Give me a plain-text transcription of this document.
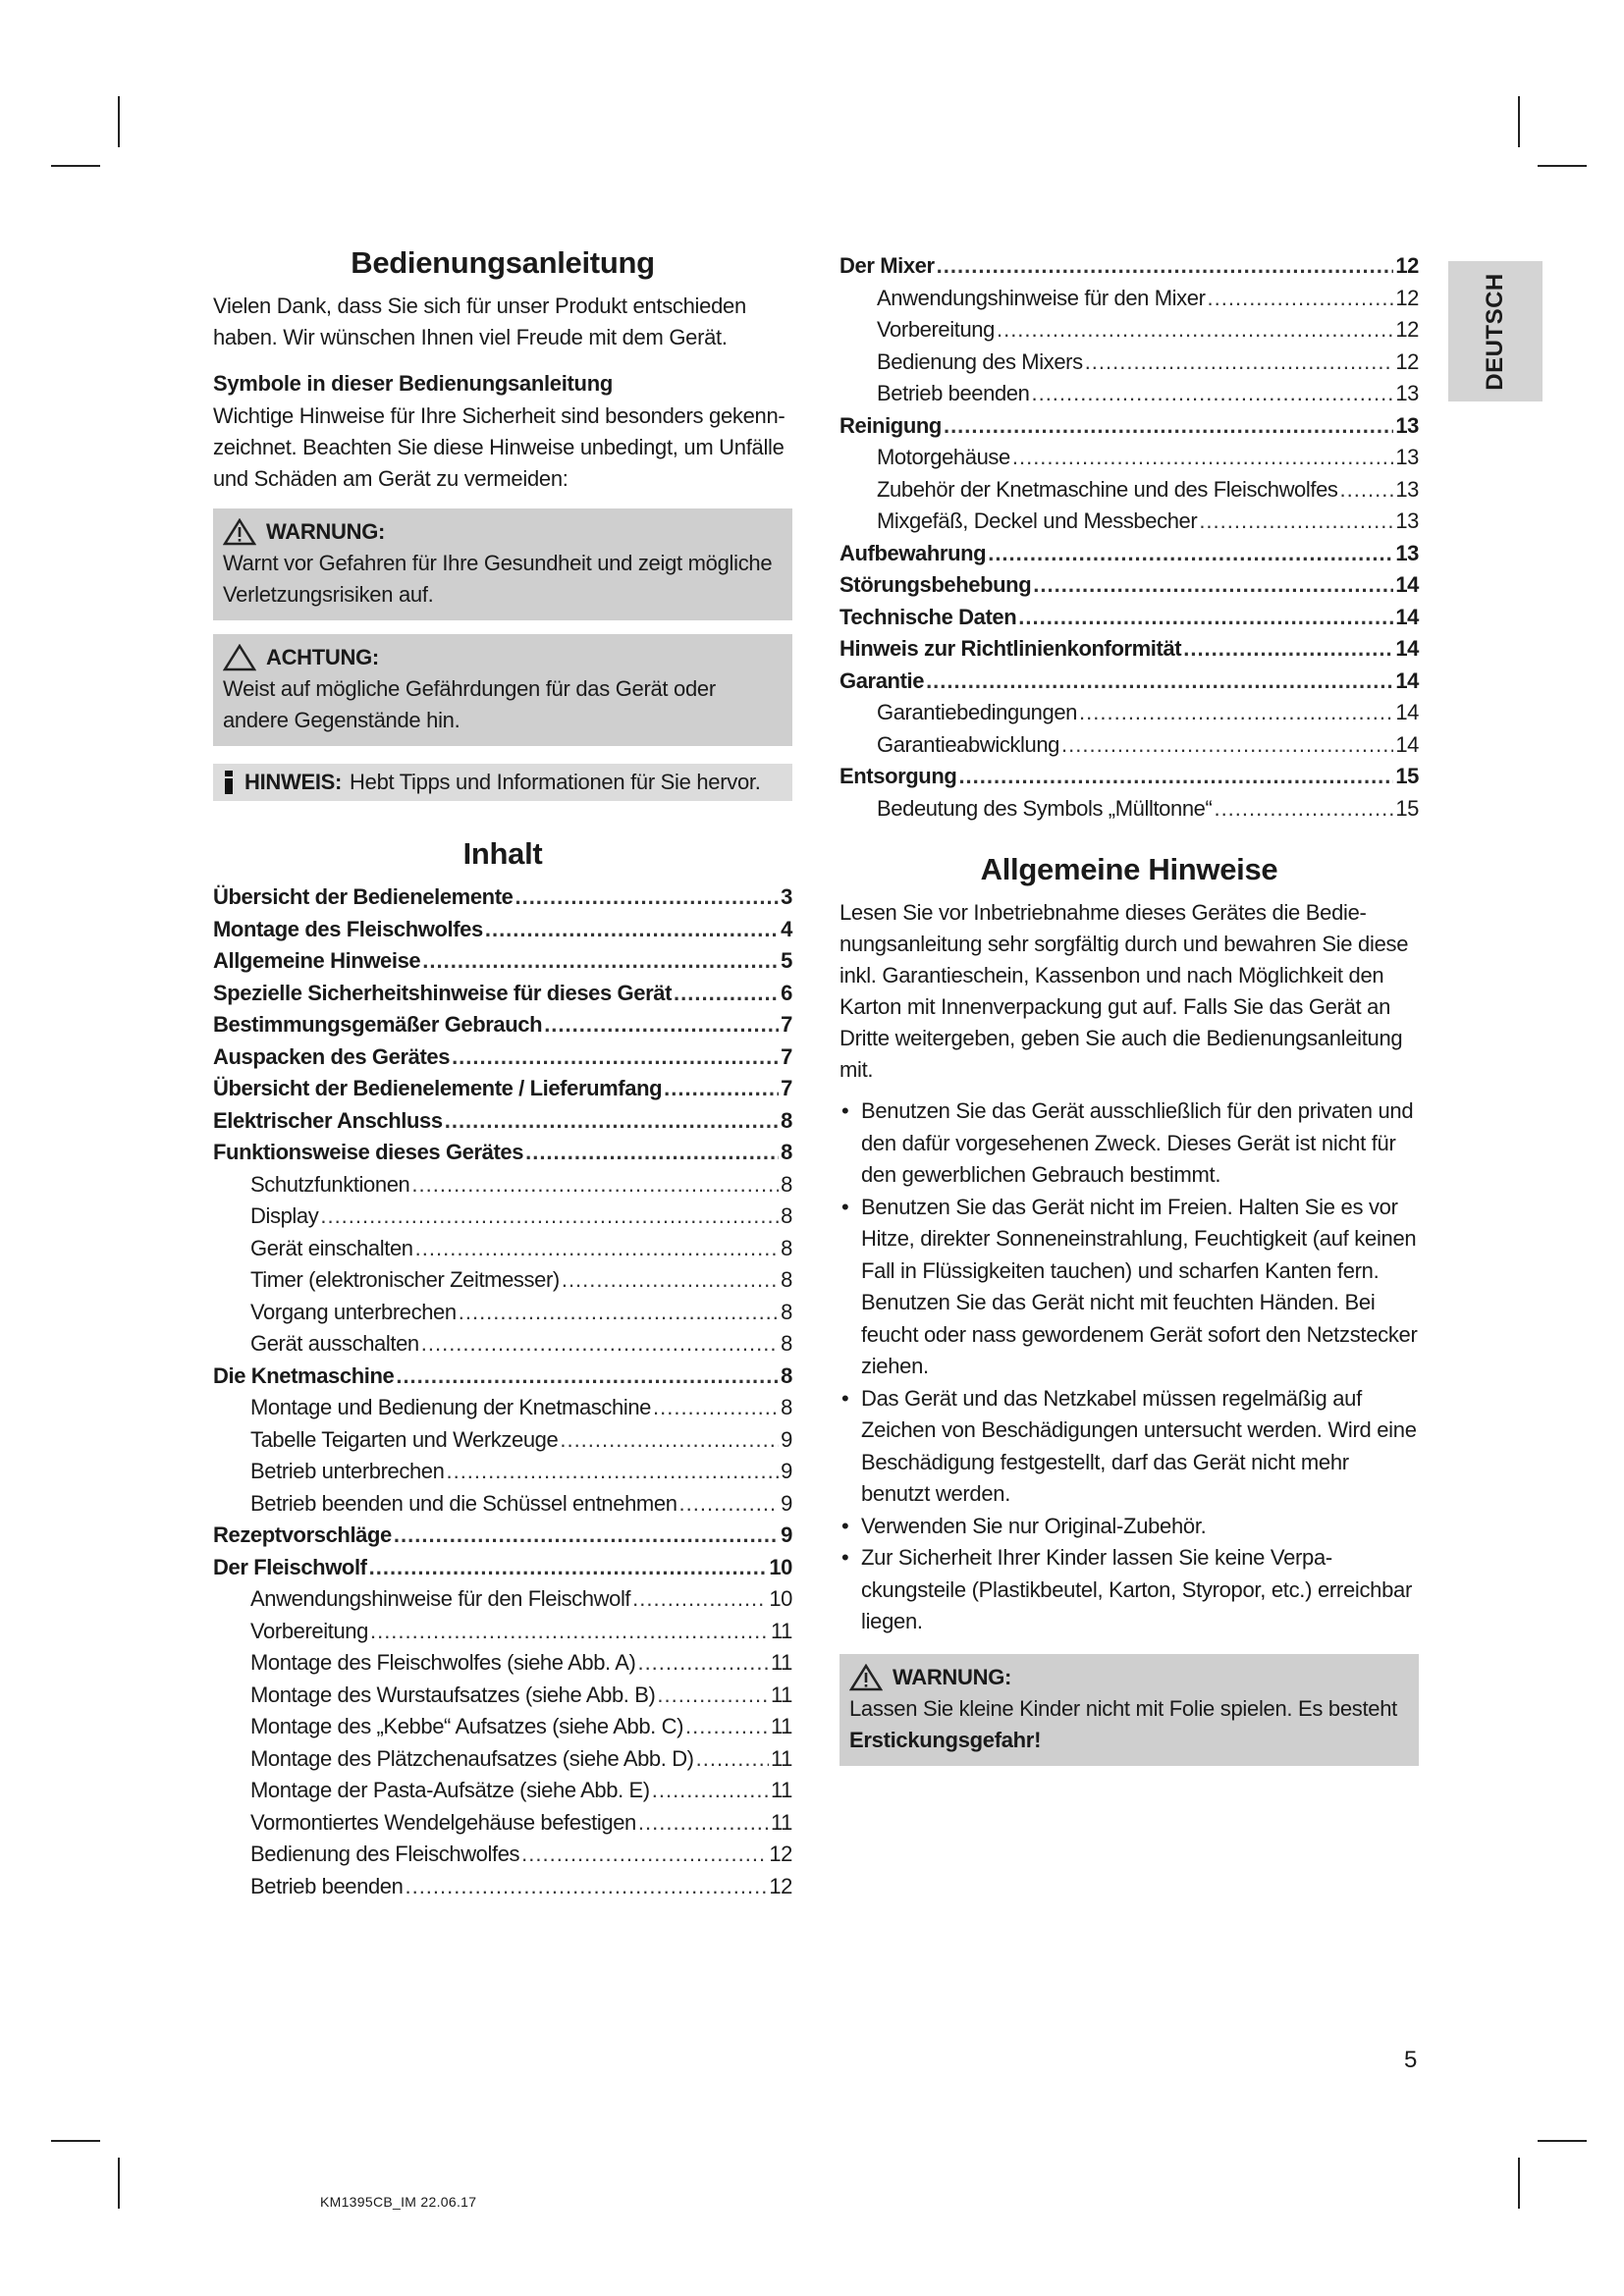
DEUTSCH
Bedienungsanleitung

Vielen Dank, dass Sie sich für unser Produkt entschieden haben. Wir wünschen Ihnen viel Freude mit dem Gerät.

Symbole in dieser Bedienungsanleitung

Wichtige Hinweise für Ihre Sicherheit sind besonders gekennzeichnet. Beachten Sie diese Hinweise unbedingt, um Unfälle und Schäden am Gerät zu vermeiden:

WARNUNG:
Warnt vor Gefahren für Ihre Gesundheit und zeigt mögliche Verletzungsrisiken auf.
ACHTUNG:
Weist auf mögliche Gefährdungen für das Gerät oder andere Gegenstände hin.
HINWEIS: Hebt Tipps und Informationen für Sie hervor.
Inhalt
Übersicht der Bedienelemente .....	3
Montage des Fleischwolfes .....	4
Allgemeine Hinweise .....	5
Spezielle Sicherheitshinweise für dieses Gerät .....	6
Bestimmungsgemäßer Gebrauch .....	7
Auspacken des Gerätes .....	7
Übersicht der Bedienelemente / Lieferumfang .....	7
Elektrischer Anschluss .....	8
Funktionsweise dieses Gerätes .....	8
Schutzfunktionen .....	8
Display .....	8
Gerät einschalten .....	8
Timer (elektronischer Zeitmesser) .....	8
Vorgang unterbrechen .....	8
Gerät ausschalten .....	8
Die Knetmaschine .....	8
Montage und Bedienung der Knetmaschine .....	8
Tabelle Teigarten und Werkzeuge .....	9
Betrieb unterbrechen .....	9
Betrieb beenden und die Schüssel entnehmen .....	9
Rezeptvorschläge .....	9
Der Fleischwolf .....	10
Anwendungshinweise für den Fleischwolf .....	10
Vorbereitung .....	11
Montage des Fleischwolfes (siehe Abb. A) .....	11
Montage des Wurstaufsatzes (siehe Abb. B) .....	11
Montage des „Kebbe“ Aufsatzes (siehe Abb. C) .....	11
Montage des Plätzchenaufsatzes (siehe Abb. D) .....	11
Montage der Pasta-Aufsätze (siehe Abb. E) .....	11
Vormontiertes Wendelgehäuse befestigen .....	11
Bedienung des Fleischwolfes .....	12
Betrieb beenden .....	12
Der Mixer .....	12
Anwendungshinweise für den Mixer .....	12
Vorbereitung .....	12
Bedienung des Mixers .....	12
Betrieb beenden .....	13
Reinigung .....	13
Motorgehäuse .....	13
Zubehör der Knetmaschine und des Fleischwolfes .....	13
Mixgefäß, Deckel und Messbecher .....	13
Aufbewahrung .....	13
Störungsbehebung .....	14
Technische Daten .....	14
Hinweis zur Richtlinienkonformität .....	14
Garantie .....	14
Garantiebedingungen .....	14
Garantieabwicklung .....	14
Entsorgung .....	15
Bedeutung des Symbols „Mülltonne“ .....	15
Allgemeine Hinweise

Lesen Sie vor Inbetriebnahme dieses Gerätes die Bedienungsanleitung sehr sorgfältig durch und bewahren Sie diese inkl. Garantieschein, Kassenbon und nach Möglichkeit den Karton mit Innenverpackung gut auf. Falls Sie das Gerät an Dritte weitergeben, geben Sie auch die Bedienungsanleitung mit.

• Benutzen Sie das Gerät ausschließlich für den privaten und den dafür vorgesehenen Zweck. Dieses Gerät ist nicht für den gewerblichen Gebrauch bestimmt.
• Benutzen Sie das Gerät nicht im Freien. Halten Sie es vor Hitze, direkter Sonneneinstrahlung, Feuchtigkeit (auf keinen Fall in Flüssigkeiten tauchen) und scharfen Kanten fern. Benutzen Sie das Gerät nicht mit feuchten Händen. Bei feucht oder nass gewordenem Gerät sofort den Netzstecker ziehen.
• Das Gerät und das Netzkabel müssen regelmäßig auf Zeichen von Beschädigungen untersucht werden. Wird eine Beschädigung festgestellt, darf das Gerät nicht mehr benutzt werden.
• Verwenden Sie nur Original-Zubehör.
• Zur Sicherheit Ihrer Kinder lassen Sie keine Verpackungsteile (Plastikbeutel, Karton, Styropor, etc.) erreichbar liegen.
WARNUNG:
Lassen Sie kleine Kinder nicht mit Folie spielen. Es besteht Erstickungsgefahr!
5
KM1395CB_IM 22.06.17
